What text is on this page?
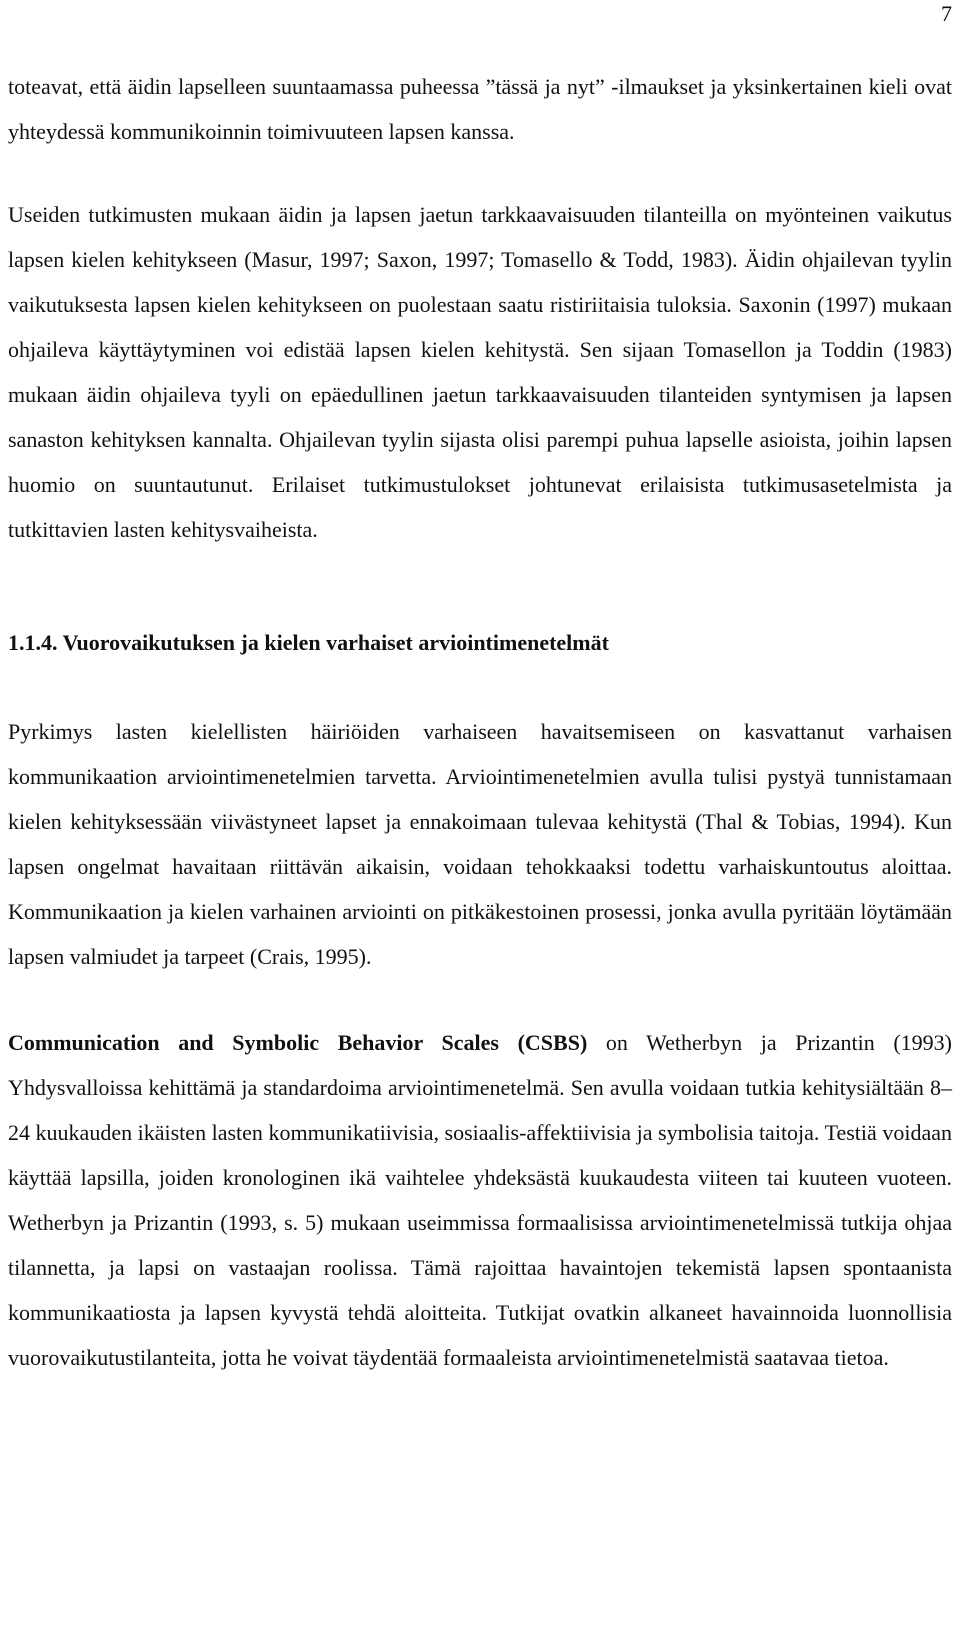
7

toteavat, että äidin lapselleen suuntaamassa puheessa ”tässä ja nyt” -ilmaukset ja yksinkertainen kieli ovat yhteydessä kommunikoinnin toimivuuteen lapsen kanssa.

Useiden tutkimusten mukaan äidin ja lapsen jaetun tarkkaavaisuuden tilanteilla on myönteinen vaikutus lapsen kielen kehitykseen (Masur, 1997; Saxon, 1997; Tomasello & Todd, 1983). Äidin ohjailevan tyylin vaikutuksesta lapsen kielen kehitykseen on puolestaan saatu ristiriitaisia tuloksia. Saxonin (1997) mukaan ohjaileva käyttäytyminen voi edistää lapsen kielen kehitystä. Sen sijaan Tomasellon ja Toddin (1983) mukaan äidin ohjaileva tyyli on epäedullinen jaetun tarkkaavaisuuden tilanteiden syntymisen ja lapsen sanaston kehityksen kannalta. Ohjailevan tyylin sijasta olisi parempi puhua lapselle asioista, joihin lapsen huomio on suuntautunut. Erilaiset tutkimustulokset johtunevat erilaisista tutkimusasetelmista ja tutkittavien lasten kehitysvaiheista.

1.1.4. Vuorovaikutuksen ja kielen varhaiset arviointimenetelmät

Pyrkimys lasten kielellisten häiriöiden varhaiseen havaitsemiseen on kasvattanut varhaisen kommunikaation arviointimenetelmien tarvetta. Arviointimenetelmien avulla tulisi pystyä tunnistamaan kielen kehityksessään viivästyneet lapset ja ennakoimaan tulevaa kehitystä (Thal & Tobias, 1994). Kun lapsen ongelmat havaitaan riittävän aikaisin, voidaan tehokkaaksi todettu varhaiskuntoutus aloittaa. Kommunikaation ja kielen varhainen arviointi on pitkäkestoinen prosessi, jonka avulla pyritään löytämään lapsen valmiudet ja tarpeet (Crais, 1995).

Communication and Symbolic Behavior Scales (CSBS) on Wetherbyn ja Prizantin (1993) Yhdysvalloissa kehittämä ja standardoima arviointimenetelmä. Sen avulla voidaan tutkia kehitysiältään 8–24 kuukauden ikäisten lasten kommunikatiivisia, sosiaalis-affektiivisia ja symbolisia taitoja. Testiä voidaan käyttää lapsilla, joiden kronologinen ikä vaihtelee yhdeksästä kuukaudesta viiteen tai kuuteen vuoteen. Wetherbyn ja Prizantin (1993, s. 5) mukaan useimmissa formaalisissa arviointimenetelmissä tutkija ohjaa tilannetta, ja lapsi on vastaajan roolissa. Tämä rajoittaa havaintojen tekemistä lapsen spontaanista kommunikaatiosta ja lapsen kyvystä tehdä aloitteita. Tutkijat ovatkin alkaneet havainnoida luonnollisia vuorovaikutustilanteita, jotta he voivat täydentää formaaleista arviointimenetelmistä saatavaa tietoa.
